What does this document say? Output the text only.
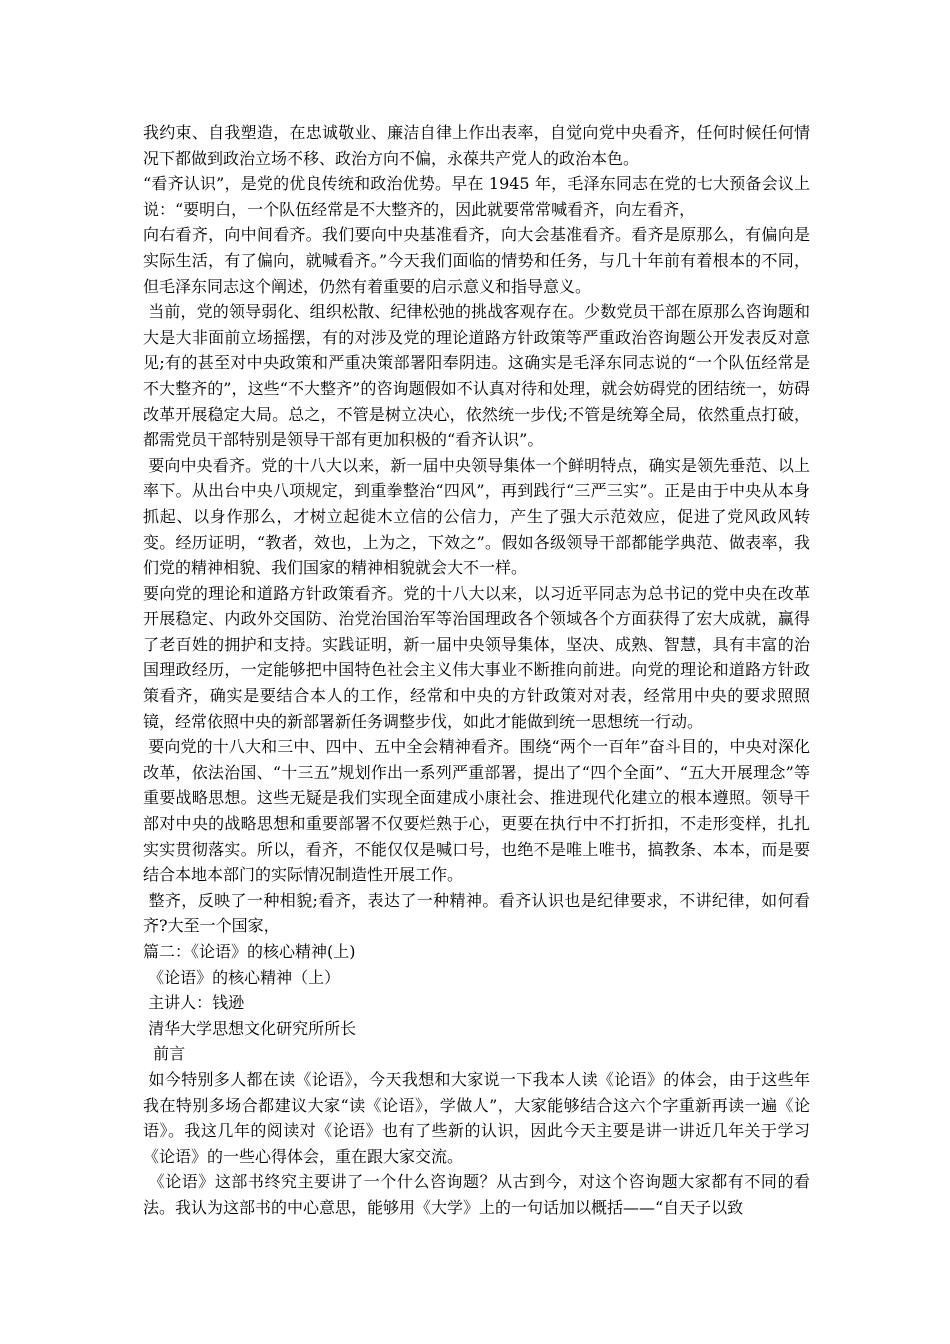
我约束、自我塑造，在忠诚敬业、廉洁自律上作出表率，自觉向党中央看齐，任何时候任何情况下都做到政治立场不移、政治方向不偏，永葆共产党人的政治本色。

“看齐认识”，是党的优良传统和政治优势。早在 1945 年，毛泽东同志在党的七大预备会议上说：“要明白，一个队伍经常是不大整齐的，因此就要常常喊看齐，向左看齐，

向右看齐，向中间看齐。我们要向中央基准看齐，向大会基准看齐。看齐是原那么，有偏向是实际生活，有了偏向，就喊看齐。”今天我们面临的情势和任务，与几十年前有着根本的不同，但毛泽东同志这个阐述，仍然有着重要的启示意义和指导意义。

当前，党的领导弱化、组织松散、纪律松弛的挑战客观存在。少数党员干部在原那么咨询题和大是大非面前立场摇摆，有的对涉及党的理论道路方针政策等严重政治咨询题公开发表反对意见;有的甚至对中央政策和严重决策部署阳奉阴违。这确实是毛泽东同志说的“一个队伍经常是不大整齐的”，这些“不大整齐”的咨询题假如不认真对待和处理，就会妨碍党的团结统一，妨碍改革开展稳定大局。总之，不管是树立决心，依然统一步伐;不管是统筹全局，依然重点打破，都需党员干部特别是领导干部有更加积极的“看齐认识”。

要向中央看齐。党的十八大以来，新一届中央领导集体一个鲜明特点，确实是领先垂范、以上率下。从出台中央八项规定，到重拳整治“四风”，再到践行“三严三实”。正是由于中央从本身抓起、以身作那么，才树立起徙木立信的公信力，产生了强大示范效应，促进了党风政风转变。经历证明，“教者，效也，上为之，下效之”。假如各级领导干部都能学典范、做表率，我们党的精神相貌、我们国家的精神相貌就会大不一样。

要向党的理论和道路方针政策看齐。党的十八大以来，以习近平同志为总书记的党中央在改革开展稳定、内政外交国防、治党治国治军等治国理政各个领域各个方面获得了宏大成就，赢得了老百姓的拥护和支持。实践证明，新一届中央领导集体，坚决、成熟、智慧，具有丰富的治国理政经历，一定能够把中国特色社会主义伟大事业不断推向前进。向党的理论和道路方针政策看齐，确实是要结合本人的工作，经常和中央的方针政策对对表，经常用中央的要求照照镜，经常依照中央的新部署新任务调整步伐，如此才能做到统一思想统一行动。

要向党的十八大和三中、四中、五中全会精神看齐。围绕“两个一百年”奋斗目的，中央对深化改革，依法治国、“十三五”规划作出一系列严重部署，提出了“四个全面”、“五大开展理念”等重要战略思想。这些无疑是我们实现全面建成小康社会、推进现代化建立的根本遵照。领导干部对中央的战略思想和重要部署不仅要烂熟于心，更要在执行中不打折扣，不走形变样，扎扎实实贯彻落实。所以，看齐，不能仅仅是喊口号，也绝不是唯上唯书，搞教条、本本，而是要结合本地本部门的实际情况制造性开展工作。

整齐，反映了一种相貌;看齐，表达了一种精神。看齐认识也是纪律要求，不讲纪律，如何看齐?大至一个国家，

篇二：《论语》的核心精神(上)

《论语》的核心精神（上）

主讲人：钱逊

清华大学思想文化研究所所长

前言

如今特别多人都在读《论语》，今天我想和大家说一下我本人读《论语》的体会，由于这些年我在特别多场合都建议大家“读《论语》，学做人”，大家能够结合这六个字重新再读一遍《论语》。我这几年的阅读对《论语》也有了些新的认识，因此今天主要是讲一讲近几年关于学习《论语》的一些心得体会，重在跟大家交流。

《论语》这部书终究主要讲了一个什么咨询题？从古到今，对这个咨询题大家都有不同的看法。我认为这部书的中心意思，能够用《大学》上的一句话加以概括——“自天子以致
